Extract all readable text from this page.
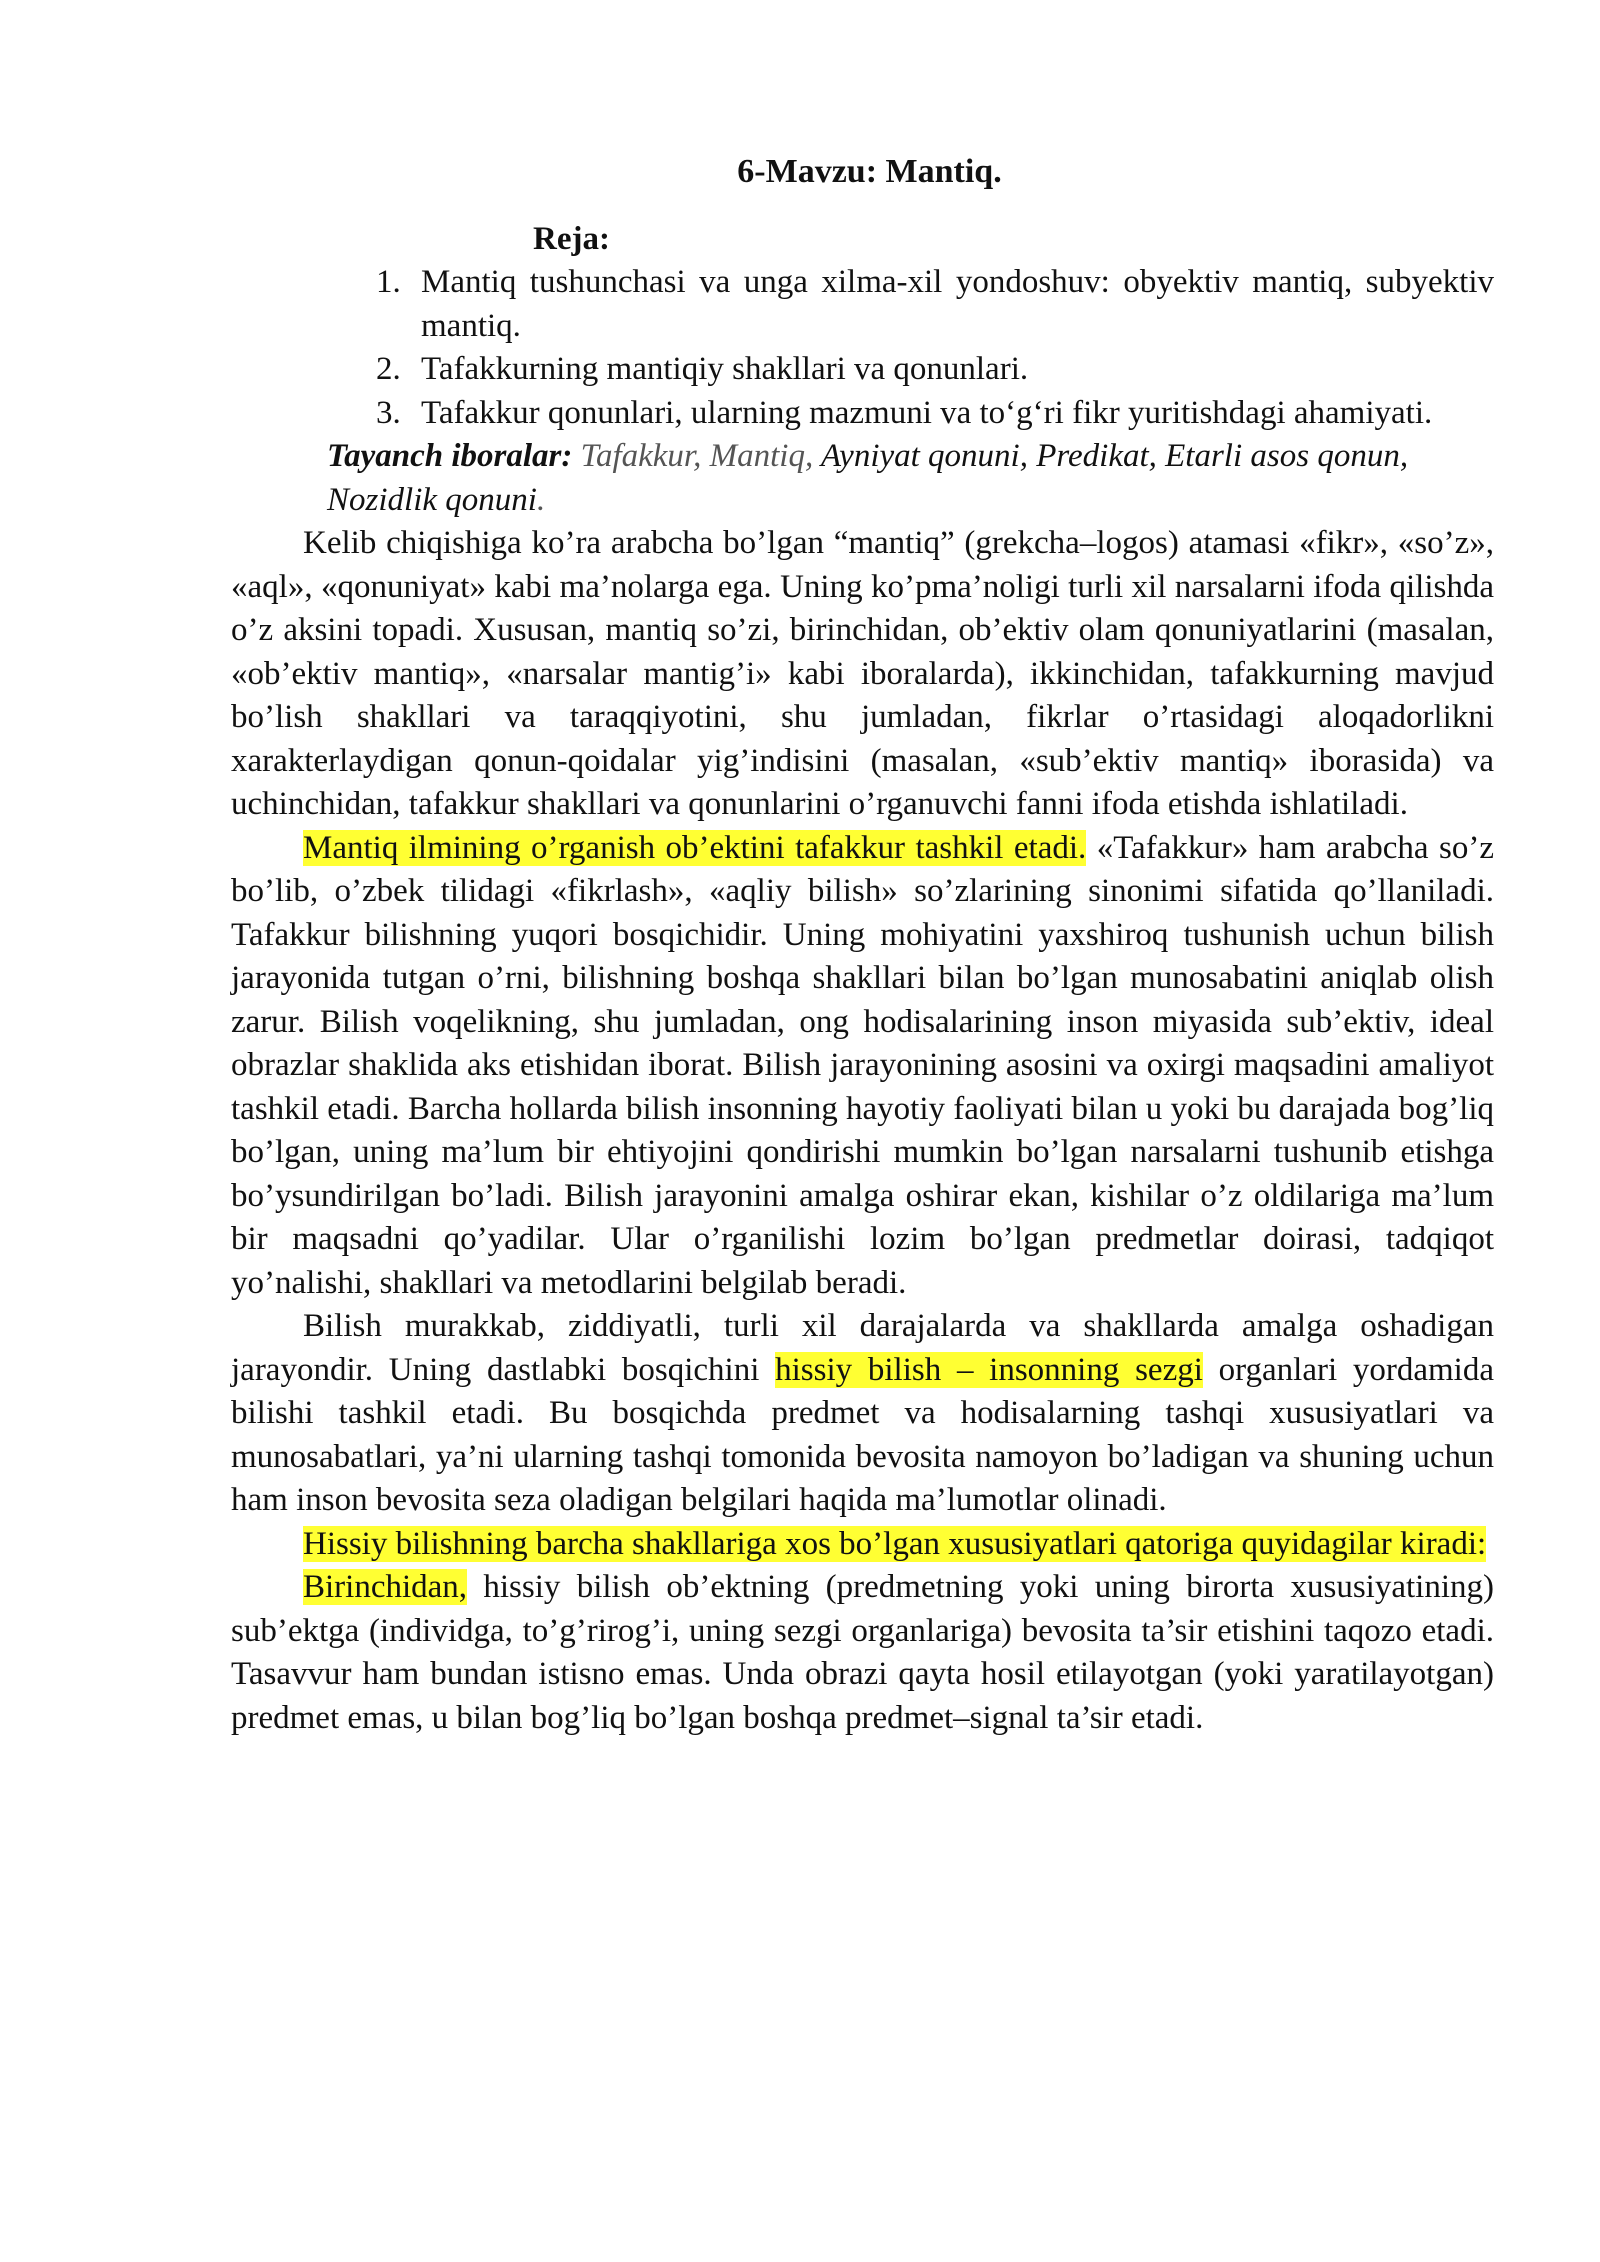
6-Mavzu: Mantiq.
Reja:
1. Mantiq tushunchasi va unga xilma-xil yondoshuv: obyektiv mantiq, subyektiv mantiq.
2. Tafakkurning mantiqiy shakllari va qonunlari.
3. Tafakkur qonunlari, ularning mazmuni va to‘g‘ri fikr yuritishdagi ahamiyati.
Tayanch iboralar: Tafakkur, Mantiq, Ayniyat qonuni, Predikat, Etarli asos qonun, Nozidlik qonuni.

Kelib chiqishiga ko’ra arabcha bo’lgan “mantiq” (grekcha–logos) atamasi «fikr», «so’z», «aql», «qonuniyat» kabi ma’nolarga ega. Uning ko’pma’noligi turli xil narsalarni ifoda qilishda o’z aksini topadi. Xususan, mantiq so’zi, birinchidan, ob’ektiv olam qonuniyatlarini (masalan, «ob’ektiv mantiq», «narsalar mantig’i» kabi iboralarda), ikkinchidan, tafakkurning mavjud bo’lish shakllari va taraqqiyotini, shu jumladan, fikrlar o’rtasidagi aloqadorlikni xarakterlaydigan qonun-qoidalar yig’indisini (masalan, «sub’ektiv mantiq» iborasida) va uchinchidan, tafakkur shakllari va qonunlarini o’rganuvchi fanni ifoda etishda ishlatiladi.

Mantiq ilmining o’rganish ob’ektini tafakkur tashkil etadi. «Tafakkur» ham arabcha so’z bo’lib, o’zbek tilidagi «fikrlash», «aqliy bilish» so’zlarining sinonimi sifatida qo’llaniladi. Tafakkur bilishning yuqori bosqichidir. Uning mohiyatini yaxshiroq tushunish uchun bilish jarayonida tutgan o’rni, bilishning boshqa shakllari bilan bo’lgan munosabatini aniqlab olish zarur. Bilish voqelikning, shu jumladan, ong hodisalarining inson miyasida sub’ektiv, ideal obrazlar shaklida aks etishidan iborat. Bilish jarayonining asosini va oxirgi maqsadini amaliyot tashkil etadi. Barcha hollarda bilish insonning hayotiy faoliyati bilan u yoki bu darajada bog’liq bo’lgan, uning ma’lum bir ehtiyojini qondirishi mumkin bo’lgan narsalarni tushunib etishga bo’ysundirilgan bo’ladi. Bilish jarayonini amalga oshirar ekan, kishilar o’z oldilariga ma’lum bir maqsadni qo’yadilar. Ular o’rganilishi lozim bo’lgan predmetlar doirasi, tadqiqot yo’nalishi, shakllari va metodlarini belgilab beradi.

Bilish murakkab, ziddiyatli, turli xil darajalarda va shakllarda amalga oshadigan jarayondir. Uning dastlabki bosqichini hissiy bilish – insonning sezgi organlari yordamida bilishi tashkil etadi. Bu bosqichda predmet va hodisalarning tashqi xususiyatlari va munosabatlari, ya’ni ularning tashqi tomonida bevosita namoyon bo’ladigan va shuning uchun ham inson bevosita seza oladigan belgilari haqida ma’lumotlar olinadi.

Hissiy bilishning barcha shakllariga xos bo’lgan xususiyatlari qatoriga quyidagilar kiradi:

Birinchidan, hissiy bilish ob’ektning (predmetning yoki uning birorta xususiyatining) sub’ektga (individga, to’g’rirog’i, uning sezgi organlariga) bevosita ta’sir etishini taqozo etadi. Tasavvur ham bundan istisno emas. Unda obrazi qayta hosil etilayotgan (yoki yaratilayotgan) predmet emas, u bilan bog’liq bo’lgan boshqa predmet–signal ta’sir etadi.
